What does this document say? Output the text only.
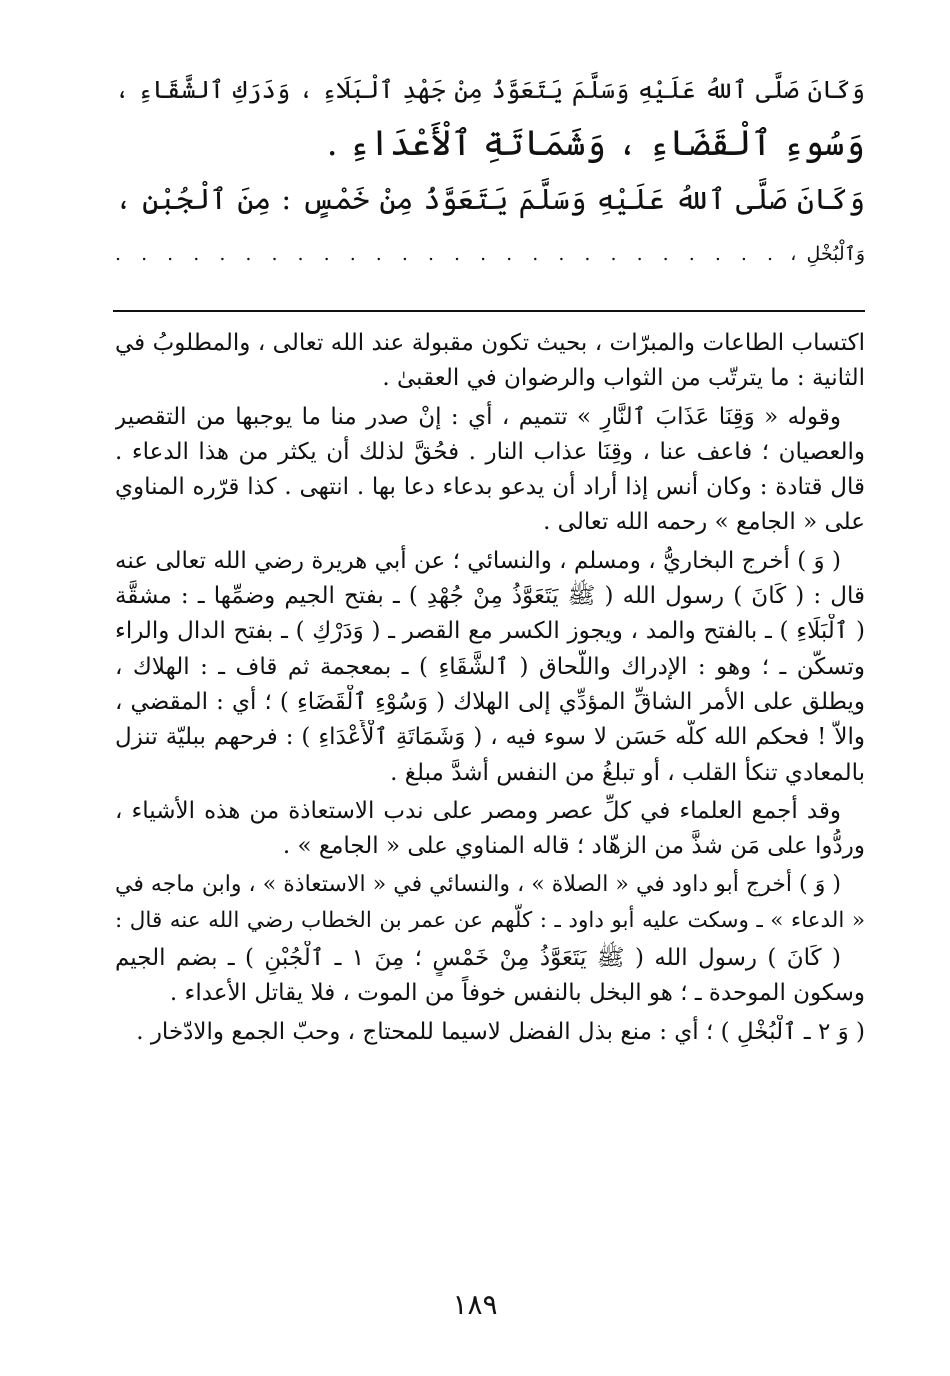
وَكَانَ صَلَّى ٱللهُ عَلَيْهِ وَسَلَّمَ يَتَعَوَّذُ مِنْ جَهْدِ ٱلْبَلَاءِ ، وَدَرَكِ ٱلشَّقَاءِ ،
وَسُوءِ ٱلْقَضَاءِ ، وَشَمَاتَةِ ٱلْأَعْدَاءِ .
وَكَانَ صَلَّى ٱللهُ عَلَيْهِ وَسَلَّمَ يَتَعَوَّذُ مِنْ خَمْسٍ : مِنَ ٱلْجُبْنِ ،
وَٱلْبُخْلِ ، . . . . . . . . . . . . . . . . . . . . . . . . . .
اكتساب الطاعات والمبرّات ، بحيث تكون مقبولة عند الله تعالى ، والمطلوبُ في
الثانية : ما يترتّب من الثواب والرضوان في العقبىٰ .
وقوله « وَقِنَا عَذَابَ ٱلنَّارِ » تتميم ، أي : إنْ صدر منا ما يوجبها من التقصير
والعصيان ؛ فاعف عنا ، وقِنَا عذاب النار . فحُقَّ لذلك أن يكثر من هذا الدعاء .
قال قتادة : وكان أنس إذا أراد أن يدعو بدعاء دعا بها . انتهى . كذا قرّره المناوي
على « الجامع » رحمه الله تعالى .
( وَ ) أخرج البخاريُّ ، ومسلم ، والنسائي ؛ عن أبي هريرة رضي الله تعالى عنه
قال : ( كَانَ ) رسول الله ( ﷺ يَتَعَوَّذُ مِنْ جُهْدِ ) ـ بفتح الجيم وضمِّها ـ : مشقَّة
( ٱلْبَلَاءِ ) ـ بالفتح والمد ، ويجوز الكسر مع القصر ـ ( وَدَرْكِ ) ـ بفتح الدال والراء
وتسكّن ـ ؛ وهو : الإدراك واللّحاق ( ٱلشَّقَاءِ ) ـ بمعجمة ثم قاف ـ : الهلاك ،
ويطلق على الأمر الشاقِّ المؤدِّي إلى الهلاك ( وَسُوْءِ ٱلْقَضَاءِ ) ؛ أي : المقضي ،
والاَّ ! فحكم الله كلُّه حَسَن لا سوء فيه ، ( وَشَمَاتَةِ ٱلْأَعْدَاءِ ) : فرحهم ببليّة تنزل
بالمعادي تنكأُ القلب ، أو تبلغُ من النفس أشدَّ مبلغ .
وقد أجمع العلماء في كلِّ عصر ومصر على ندب الاستعاذة من هذه الأشياء ،
وردُّوا على مَن شذَّ من الزهّاد ؛ قاله المناوي على « الجامع » .
( وَ ) أخرج أبو داود في « الصلاة » ، والنسائي في « الاستعاذة » ، وابن ماجه في
« الدعاء » ـ وسكت عليه أبو داود ـ : كلُّهم عن عمر بن الخطاب رضي الله عنه قال :
( كَانَ ) رسول الله ( ﷺ يَتَعَوَّذُ مِنْ خَمْسٍ ؛ مِنَ ١ ـ ٱلْجُبْنِ ) ـ بضم الجيم
وسكون الموحدة ـ ؛ هو البخل بالنفس خوفاً من الموت ، فلا يقاتل الأعداء .
( وَ ٢ ـ ٱلْبُخْلِ ) ؛ أي : منع بذل الفضل لاسيما للمحتاج ، وحبّ الجمع والادّخار .
١٨٩
